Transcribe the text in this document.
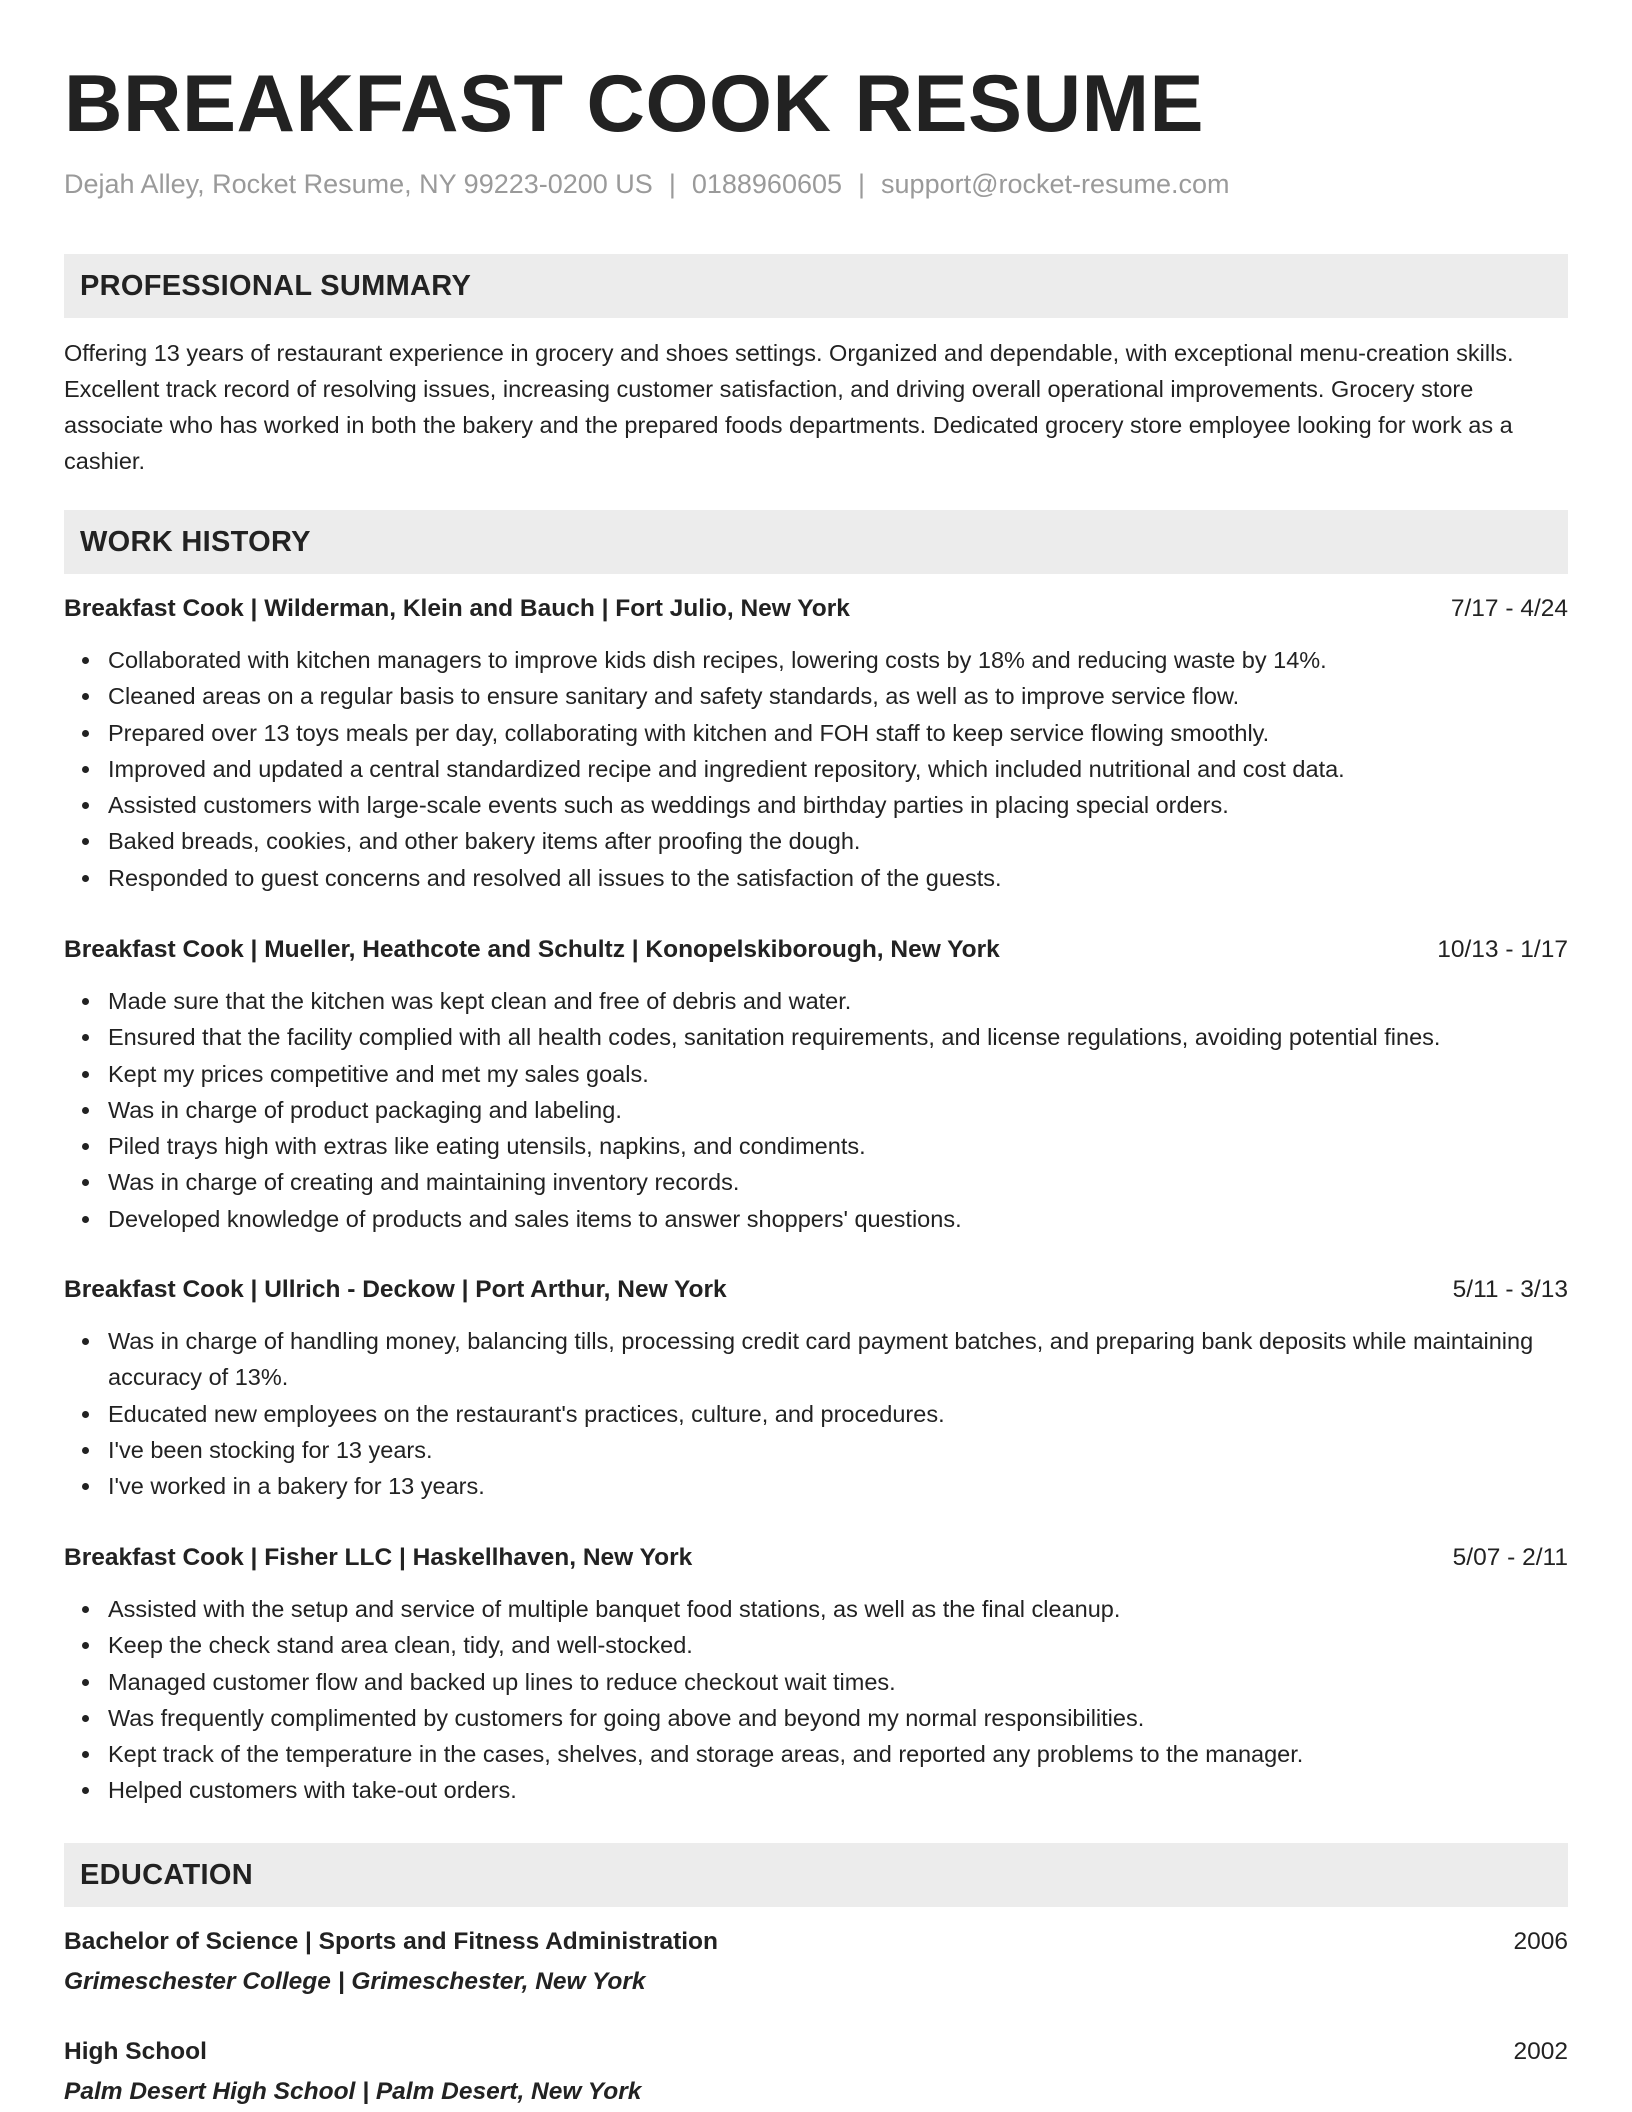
BREAKFAST COOK RESUME
Dejah Alley, Rocket Resume, NY 99223-0200 US | 0188960605 | support@rocket-resume.com
PROFESSIONAL SUMMARY

Offering 13 years of restaurant experience in grocery and shoes settings. Organized and dependable, with exceptional menu-creation skills. Excellent track record of resolving issues, increasing customer satisfaction, and driving overall operational improvements. Grocery store associate who has worked in both the bakery and the prepared foods departments. Dedicated grocery store employee looking for work as a cashier.

WORK HISTORY
Breakfast Cook | Wilderman, Klein and Bauch | Fort Julio, New York	7/17 - 4/24
Collaborated with kitchen managers to improve kids dish recipes, lowering costs by 18% and reducing waste by 14%.
Cleaned areas on a regular basis to ensure sanitary and safety standards, as well as to improve service flow.
Prepared over 13 toys meals per day, collaborating with kitchen and FOH staff to keep service flowing smoothly.
Improved and updated a central standardized recipe and ingredient repository, which included nutritional and cost data.
Assisted customers with large-scale events such as weddings and birthday parties in placing special orders.
Baked breads, cookies, and other bakery items after proofing the dough.
Responded to guest concerns and resolved all issues to the satisfaction of the guests.
Breakfast Cook | Mueller, Heathcote and Schultz | Konopelskiborough, New York	10/13 - 1/17
Made sure that the kitchen was kept clean and free of debris and water.
Ensured that the facility complied with all health codes, sanitation requirements, and license regulations, avoiding potential fines.
Kept my prices competitive and met my sales goals.
Was in charge of product packaging and labeling.
Piled trays high with extras like eating utensils, napkins, and condiments.
Was in charge of creating and maintaining inventory records.
Developed knowledge of products and sales items to answer shoppers' questions.
Breakfast Cook | Ullrich - Deckow | Port Arthur, New York	5/11 - 3/13
Was in charge of handling money, balancing tills, processing credit card payment batches, and preparing bank deposits while maintaining accuracy of 13%.
Educated new employees on the restaurant's practices, culture, and procedures.
I've been stocking for 13 years.
I've worked in a bakery for 13 years.
Breakfast Cook | Fisher LLC | Haskellhaven, New York	5/07 - 2/11
Assisted with the setup and service of multiple banquet food stations, as well as the final cleanup.
Keep the check stand area clean, tidy, and well-stocked.
Managed customer flow and backed up lines to reduce checkout wait times.
Was frequently complimented by customers for going above and beyond my normal responsibilities.
Kept track of the temperature in the cases, shelves, and storage areas, and reported any problems to the manager.
Helped customers with take-out orders.
EDUCATION
Bachelor of Science | Sports and Fitness Administration	2006
Grimeschester College | Grimeschester, New York
High School	2002
Palm Desert High School | Palm Desert, New York
